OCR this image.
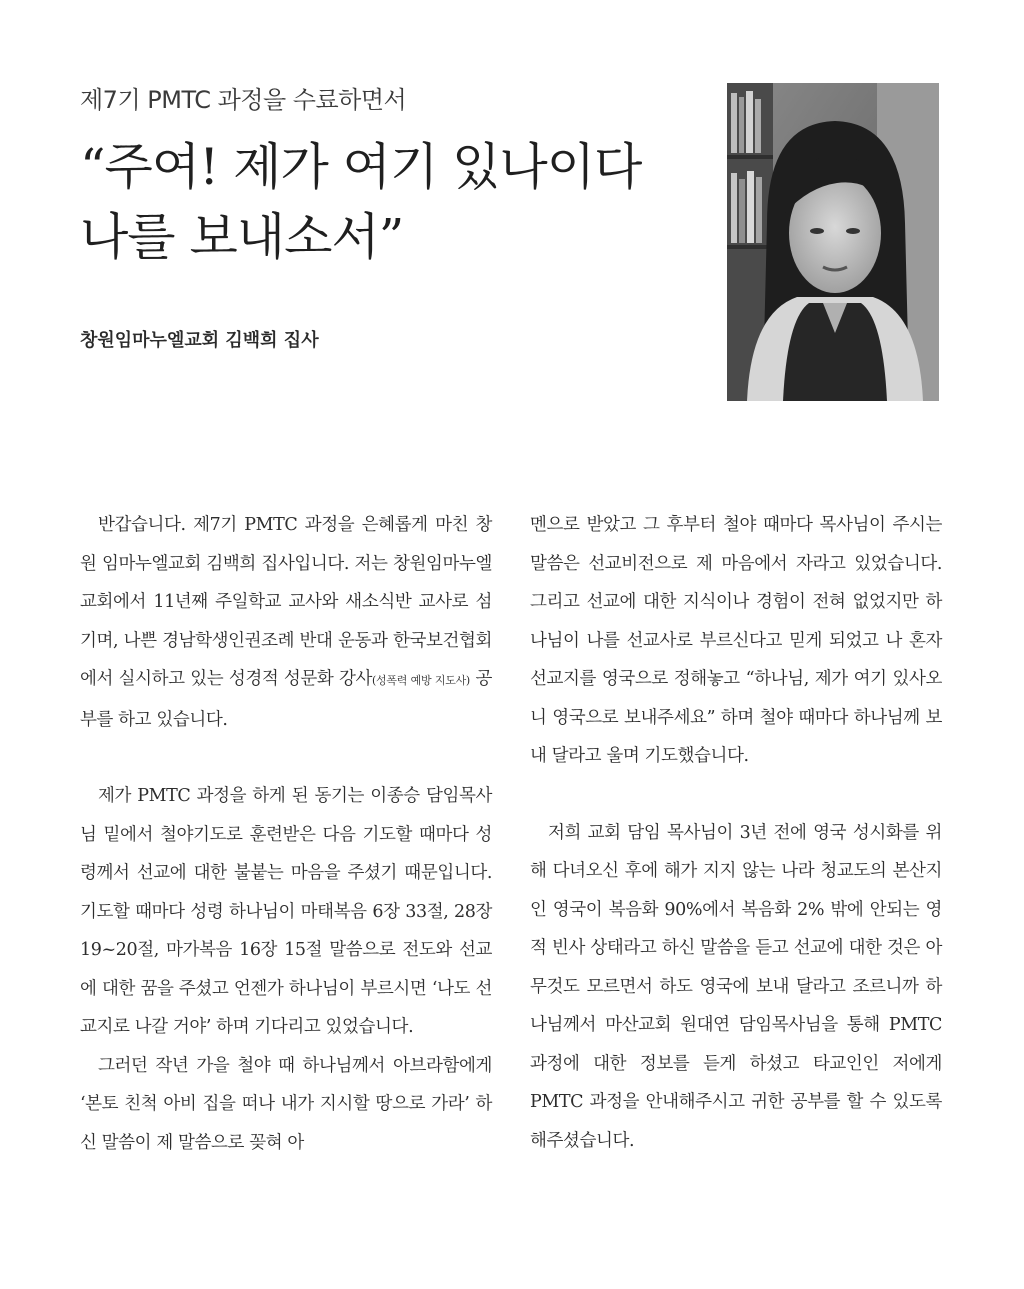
제7기 PMTC 과정을 수료하면서
“주여! 제가 여기 있나이다
나를 보내소서”
창원임마누엘교회 김백희 집사

반갑습니다. 제7기 PMTC 과정을 은혜롭게 마친 창원 임마누엘교회 김백희 집사입니다. 저는 창원임마누엘교회에서 11년째 주일학교 교사와 새소식반 교사로 섬기며, 나쁜 경남학생인권조례 반대 운동과 한국보건협회에서 실시하고 있는 성경적 성문화 강사(성폭력 예방 지도사) 공부를 하고 있습니다.

제가 PMTC 과정을 하게 된 동기는 이종승 담임목사님 밑에서 철야기도로 훈련받은 다음 기도할 때마다 성령께서 선교에 대한 불붙는 마음을 주셨기 때문입니다. 기도할 때마다 성령 하나님이 마태복음 6장 33절, 28장 19~20절, 마가복음 16장 15절 말씀으로 전도와 선교에 대한 꿈을 주셨고 언젠가 하나님이 부르시면 ‘나도 선교지로 나갈 거야’ 하며 기다리고 있었습니다.

그러던 작년 가을 철야 때 하나님께서 아브라함에게 ‘본토 친척 아비 집을 떠나 내가 지시할 땅으로 가라’ 하신 말씀이 제 말씀으로 꽂혀 아

멘으로 받았고 그 후부터 철야 때마다 목사님이 주시는 말씀은 선교비전으로 제 마음에서 자라고 있었습니다. 그리고 선교에 대한 지식이나 경험이 전혀 없었지만 하나님이 나를 선교사로 부르신다고 믿게 되었고 나 혼자 선교지를 영국으로 정해놓고 “하나님, 제가 여기 있사오니 영국으로 보내주세요” 하며 철야 때마다 하나님께 보내 달라고 울며 기도했습니다.

저희 교회 담임 목사님이 3년 전에 영국 성시화를 위해 다녀오신 후에 해가 지지 않는 나라 청교도의 본산지인 영국이 복음화 90%에서 복음화 2% 밖에 안되는 영적 빈사 상태라고 하신 말씀을 듣고 선교에 대한 것은 아무것도 모르면서 하도 영국에 보내 달라고 조르니까 하나님께서 마산교회 원대연 담임목사님을 통해 PMTC 과정에 대한 정보를 듣게 하셨고 타교인인 저에게 PMTC 과정을 안내해주시고 귀한 공부를 할 수 있도록 해주셨습니다.
